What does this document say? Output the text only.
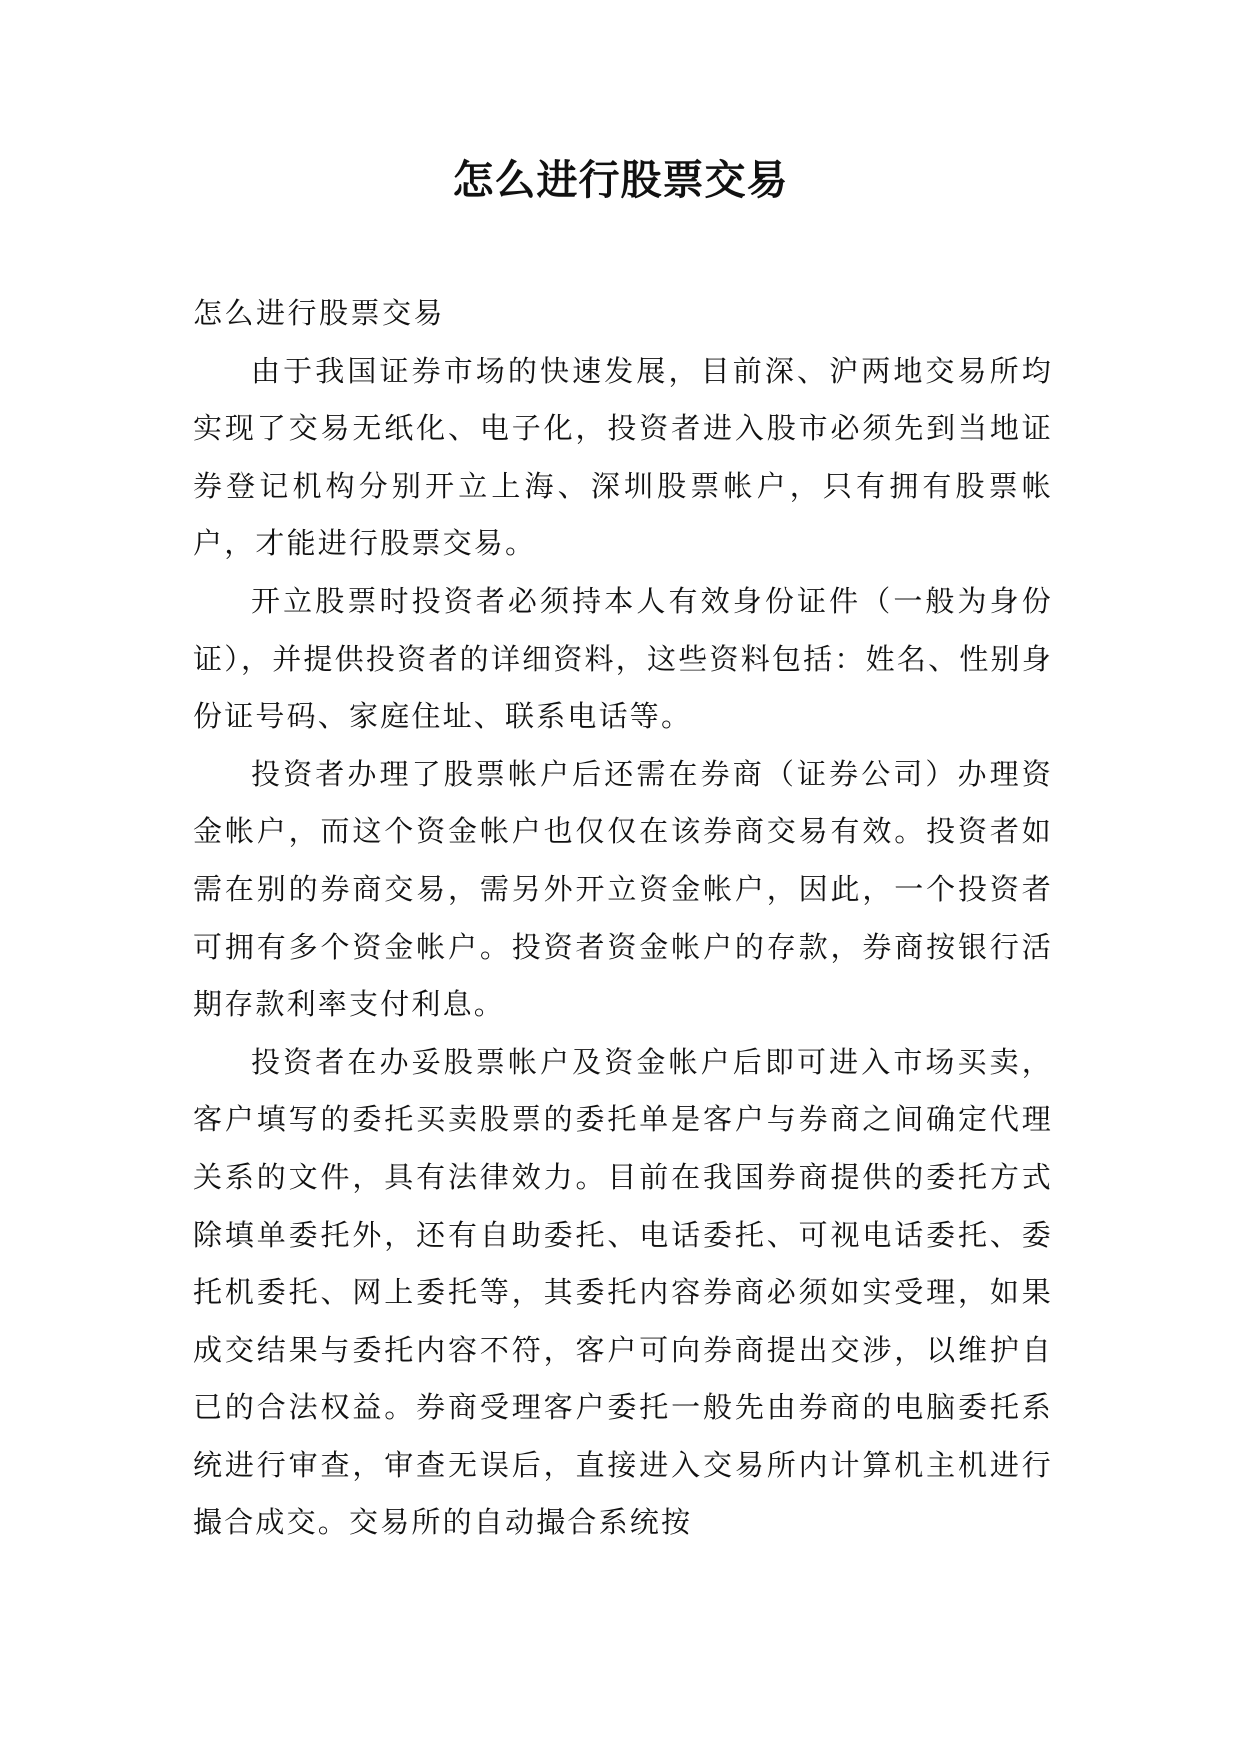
怎么进行股票交易

怎么进行股票交易

由于我国证券市场的快速发展，目前深、沪两地交易所均实现了交易无纸化、电子化，投资者进入股市必须先到当地证券登记机构分别开立上海、深圳股票帐户，只有拥有股票帐户，才能进行股票交易。

开立股票时投资者必须持本人有效身份证件（一般为身份证），并提供投资者的详细资料，这些资料包括：姓名、性别身份证号码、家庭住址、联系电话等。

投资者办理了股票帐户后还需在券商（证券公司）办理资金帐户，而这个资金帐户也仅仅在该券商交易有效。投资者如需在别的券商交易，需另外开立资金帐户，因此，一个投资者可拥有多个资金帐户。投资者资金帐户的存款，券商按银行活期存款利率支付利息。

投资者在办妥股票帐户及资金帐户后即可进入市场买卖，客户填写的委托买卖股票的委托单是客户与券商之间确定代理关系的文件，具有法律效力。目前在我国券商提供的委托方式除填单委托外，还有自助委托、电话委托、可视电话委托、委托机委托、网上委托等，其委托内容券商必须如实受理，如果成交结果与委托内容不符，客户可向券商提出交涉，以维护自已的合法权益。券商受理客户委托一般先由券商的电脑委托系统进行审查，审查无误后，直接进入交易所内计算机主机进行撮合成交。交易所的自动撮合系统按
